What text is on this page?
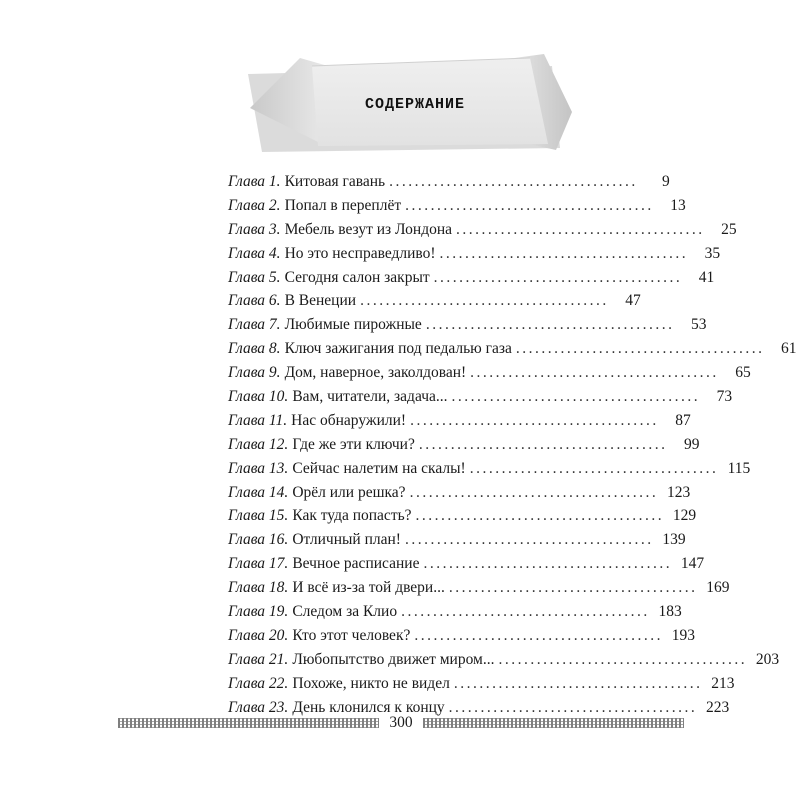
СОДЕРЖАНИЕ
Глава 1. Китовая гавань .......................................	9
Глава 2. Попал в переплёт .......................................	13
Глава 3. Мебель везут из Лондона .......................................	25
Глава 4. Но это несправедливо! .......................................	35
Глава 5. Сегодня салон закрыт .......................................	41
Глава 6. В Венеции .......................................	47
Глава 7. Любимые пирожные .......................................	53
Глава 8. Ключ зажигания под педалью газа .......................................	61
Глава 9. Дом, наверное, заколдован! .......................................	65
Глава 10. Вам, читатели, задача... .......................................	73
Глава 11. Нас обнаружили! .......................................	87
Глава 12. Где же эти ключи? .......................................	99
Глава 13. Сейчас налетим на скалы! ....................................... 115
Глава 14. Орёл или решка? ....................................... 123
Глава 15. Как туда попасть? ....................................... 129
Глава 16. Отличный план! ....................................... 139
Глава 17. Вечное расписание ....................................... 147
Глава 18. И всё из-за той двери... ....................................... 169
Глава 19. Следом за Клио ....................................... 183
Глава 20. Кто этот человек? ....................................... 193
Глава 21. Любопытство движет миром... ....................................... 203
Глава 22. Похоже, никто не видел ....................................... 213
Глава 23. День клонился к концу ....................................... 223
300
